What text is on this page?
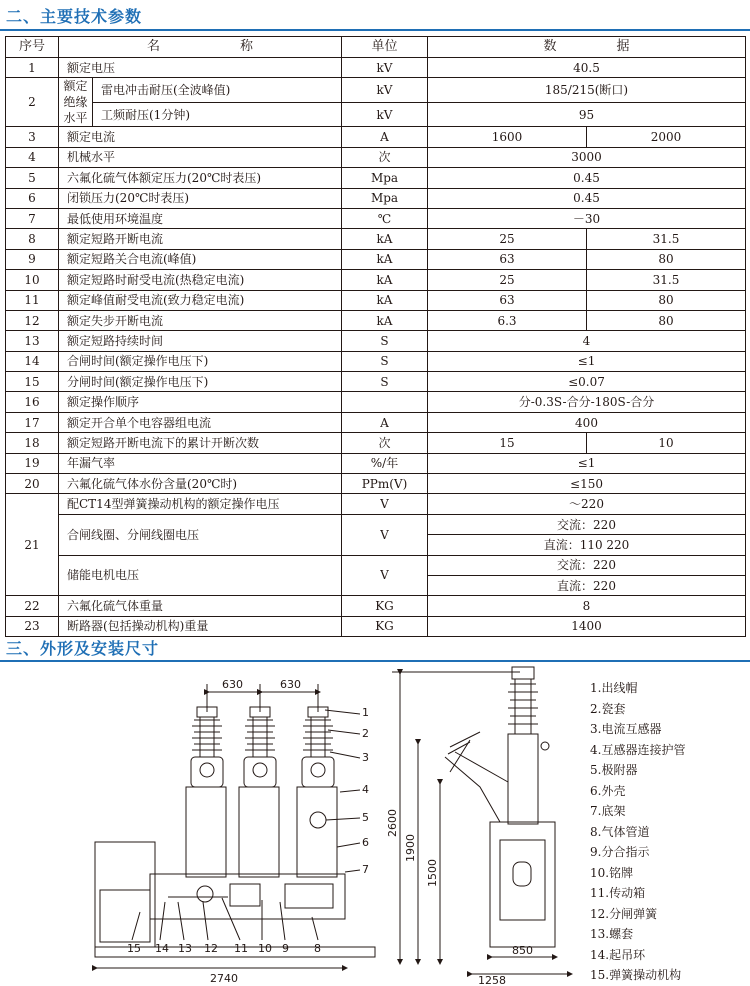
二、主要技术参数
序号	名 称		单位	数 据	
1	额定电压		kV	40.5	
2	额定绝缘水平	雷电冲击耐压(全波峰值)	kV	185/215(断口)	
		工频耐压(1分钟)	kV	95	
3	额定电流		A	1600	2000
4	机械水平		次	3000	
5	六氟化硫气体额定压力(20℃时表压)		Mpa	0.45	
6	闭锁压力(20℃时表压)		Mpa	0.45	
7	最低使用环境温度		℃	－30	
8	额定短路开断电流		kA	25	31.5
9	额定短路关合电流(峰值)		kA	63	80
10	额定短路时耐受电流(热稳定电流)		kA	25	31.5
11	额定峰值耐受电流(致力稳定电流)		kA	63	80
12	额定失步开断电流		kA	6.3	80
13	额定短路持续时间		S	4	
14	合闸时间(额定操作电压下)		S	≤1	
15	分闸时间(额定操作电压下)		S	≤0.07	
16	额定操作顺序			分-0.3S-合分-180S-合分	
17	额定开合单个电容器组电流		A	400	
18	额定短路开断电流下的累计开断次数		次	15	10
19	年漏气率		%/年	≤1	
20	六氟化硫气体水份含量(20℃时)		PPm(V)	≤150	
21	配CT14型弹簧操动机构的额定操作电压		V	～220	
	合闸线圈、分闸线圈电压		V	交流：220	
				直流：110 220	
	储能电机电压		V	交流：220	
				直流：220	
22	六氟化硫气体重量		KG	8	
23	断路器(包括操动机构)重量		KG	1400	
三、外形及安装尺寸
630	630
2740
2600
1900
1500
850
1258
1
2
3
4
5
6
7
8
9
10
11
12
13
14
15
1.出线帽
2.瓷套
3.电流互感器
4.互感器连接护管
5.极附器
6.外壳
7.底架
8.气体管道
9.分合指示
10.铭牌
11.传动箱
12.分闸弹簧
13.螺套
14.起吊环
15.弹簧操动机构
